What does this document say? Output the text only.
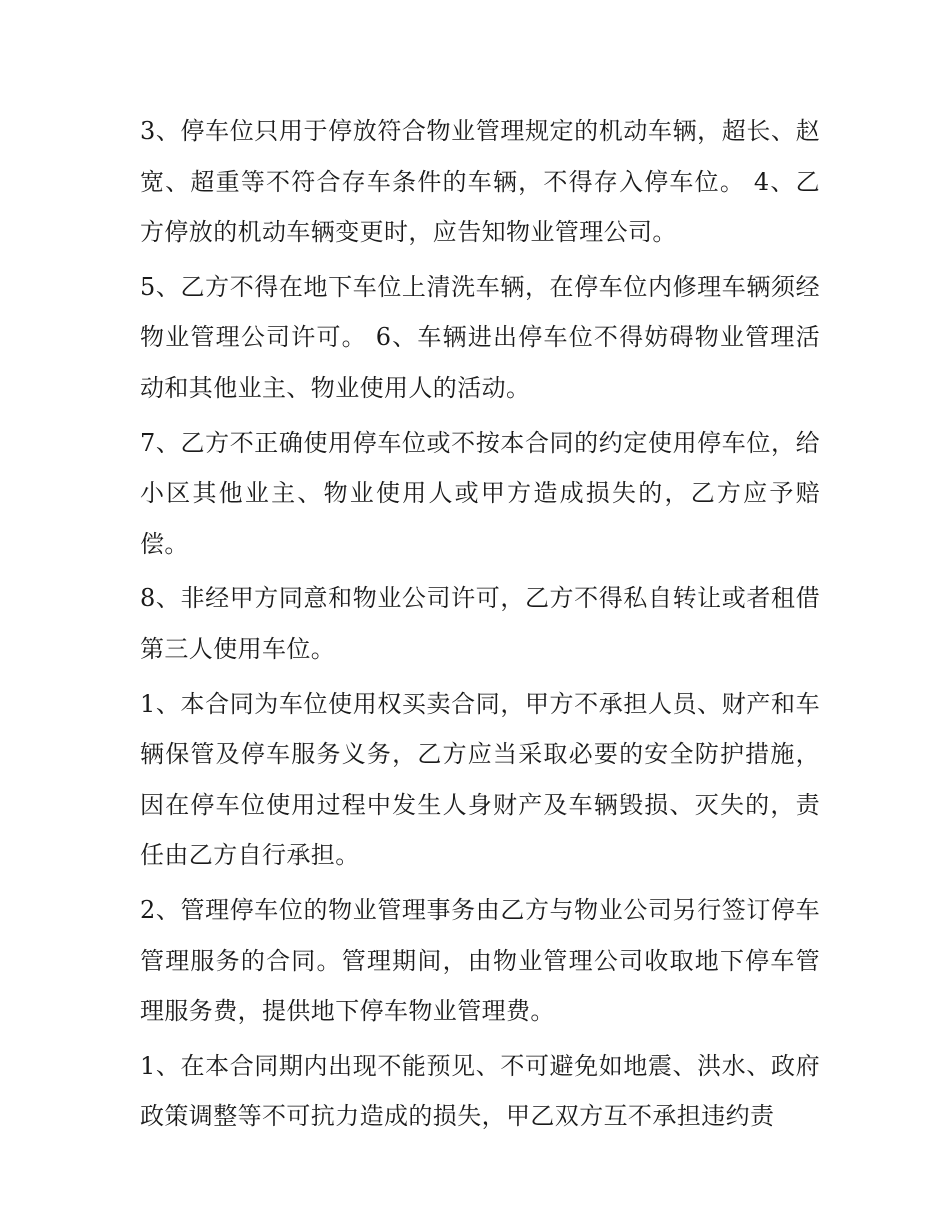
3、停车位只用于停放符合物业管理规定的机动车辆，超长、赵宽、超重等不符合存车条件的车辆，不得存入停车位。 4、乙方停放的机动车辆变更时，应告知物业管理公司。

5、乙方不得在地下车位上清洗车辆，在停车位内修理车辆须经物业管理公司许可。 6、车辆进出停车位不得妨碍物业管理活动和其他业主、物业使用人的活动。

7、乙方不正确使用停车位或不按本合同的约定使用停车位，给小区其他业主、物业使用人或甲方造成损失的，乙方应予赔偿。

8、非经甲方同意和物业公司许可，乙方不得私自转让或者租借第三人使用车位。

1、本合同为车位使用权买卖合同，甲方不承担人员、财产和车辆保管及停车服务义务，乙方应当采取必要的安全防护措施，因在停车位使用过程中发生人身财产及车辆毁损、灭失的，责任由乙方自行承担。

2、管理停车位的物业管理事务由乙方与物业公司另行签订停车管理服务的合同。管理期间，由物业管理公司收取地下停车管理服务费，提供地下停车物业管理费。

1、在本合同期内出现不能预见、不可避免如地震、洪水、政府政策调整等不可抗力造成的损失，甲乙双方互不承担违约责
